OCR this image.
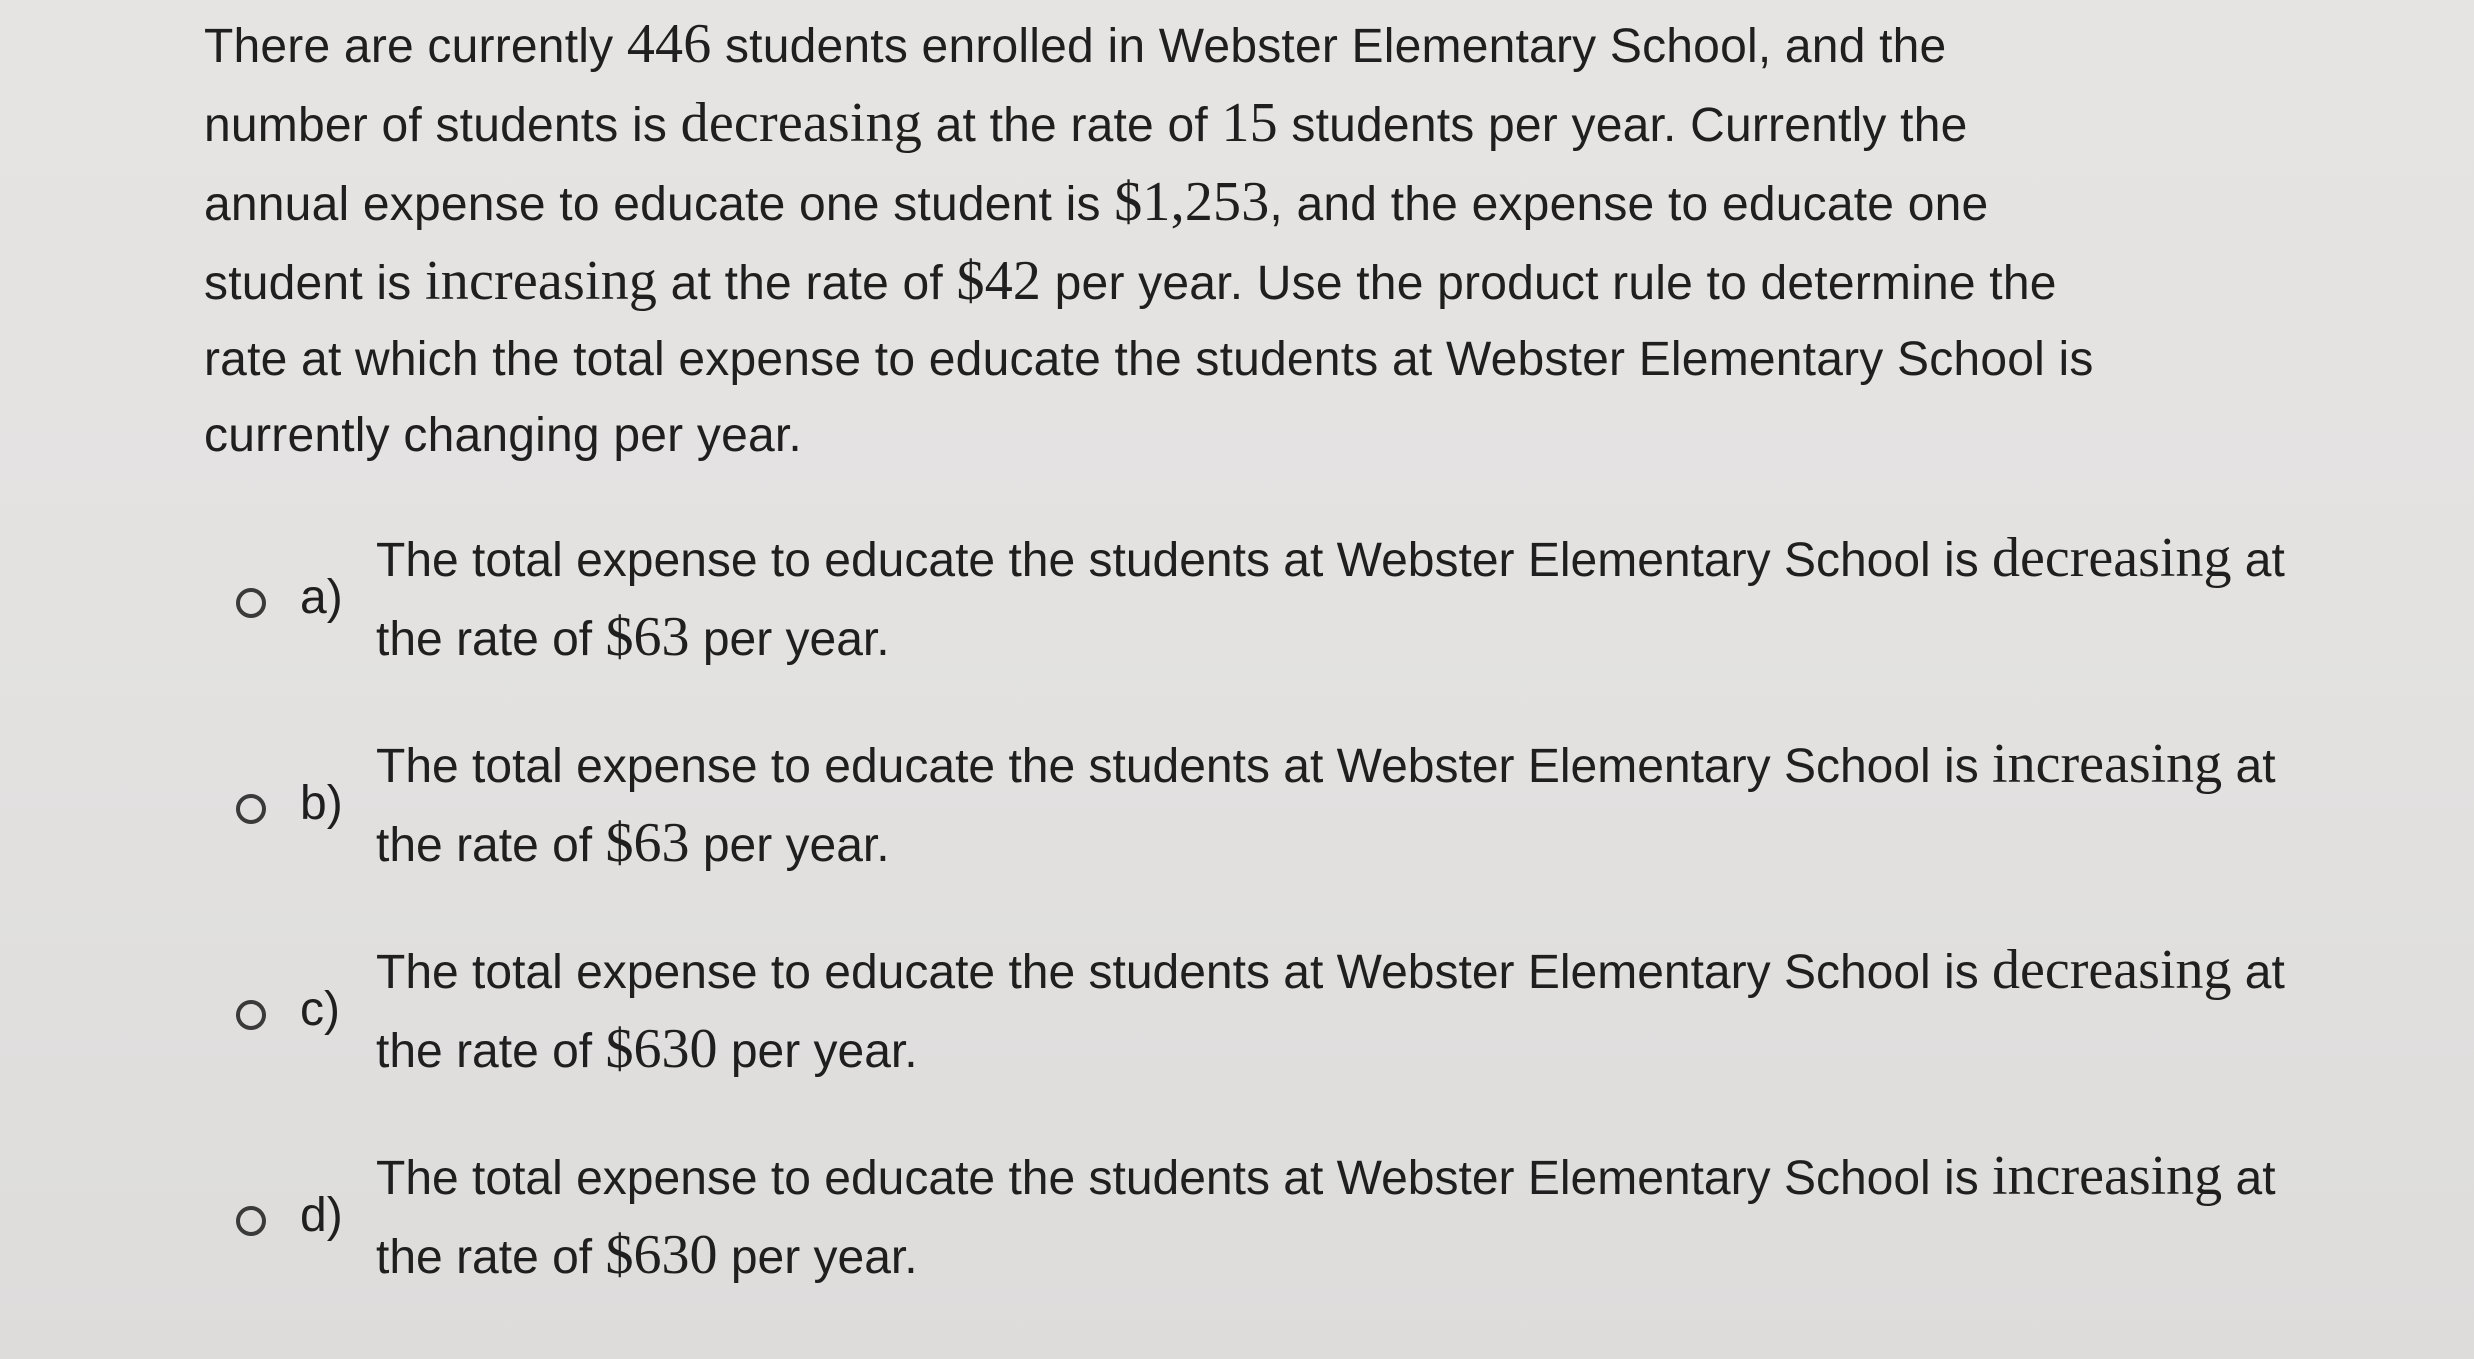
There are currently 446 students enrolled in Webster Elementary School, and the
number of students is decreasing at the rate of 15 students per year. Currently the
annual expense to educate one student is $1,253, and the expense to educate one
student is increasing at the rate of $42 per year. Use the product rule to determine the
rate at which the total expense to educate the students at Webster Elementary School is
currently changing per year.
a)
The total expense to educate the students at Webster Elementary School is decreasing at
the rate of $63 per year.
b)
The total expense to educate the students at Webster Elementary School is increasing at
the rate of $63 per year.
c)
The total expense to educate the students at Webster Elementary School is decreasing at
the rate of $630 per year.
d)
The total expense to educate the students at Webster Elementary School is increasing at
the rate of $630 per year.
